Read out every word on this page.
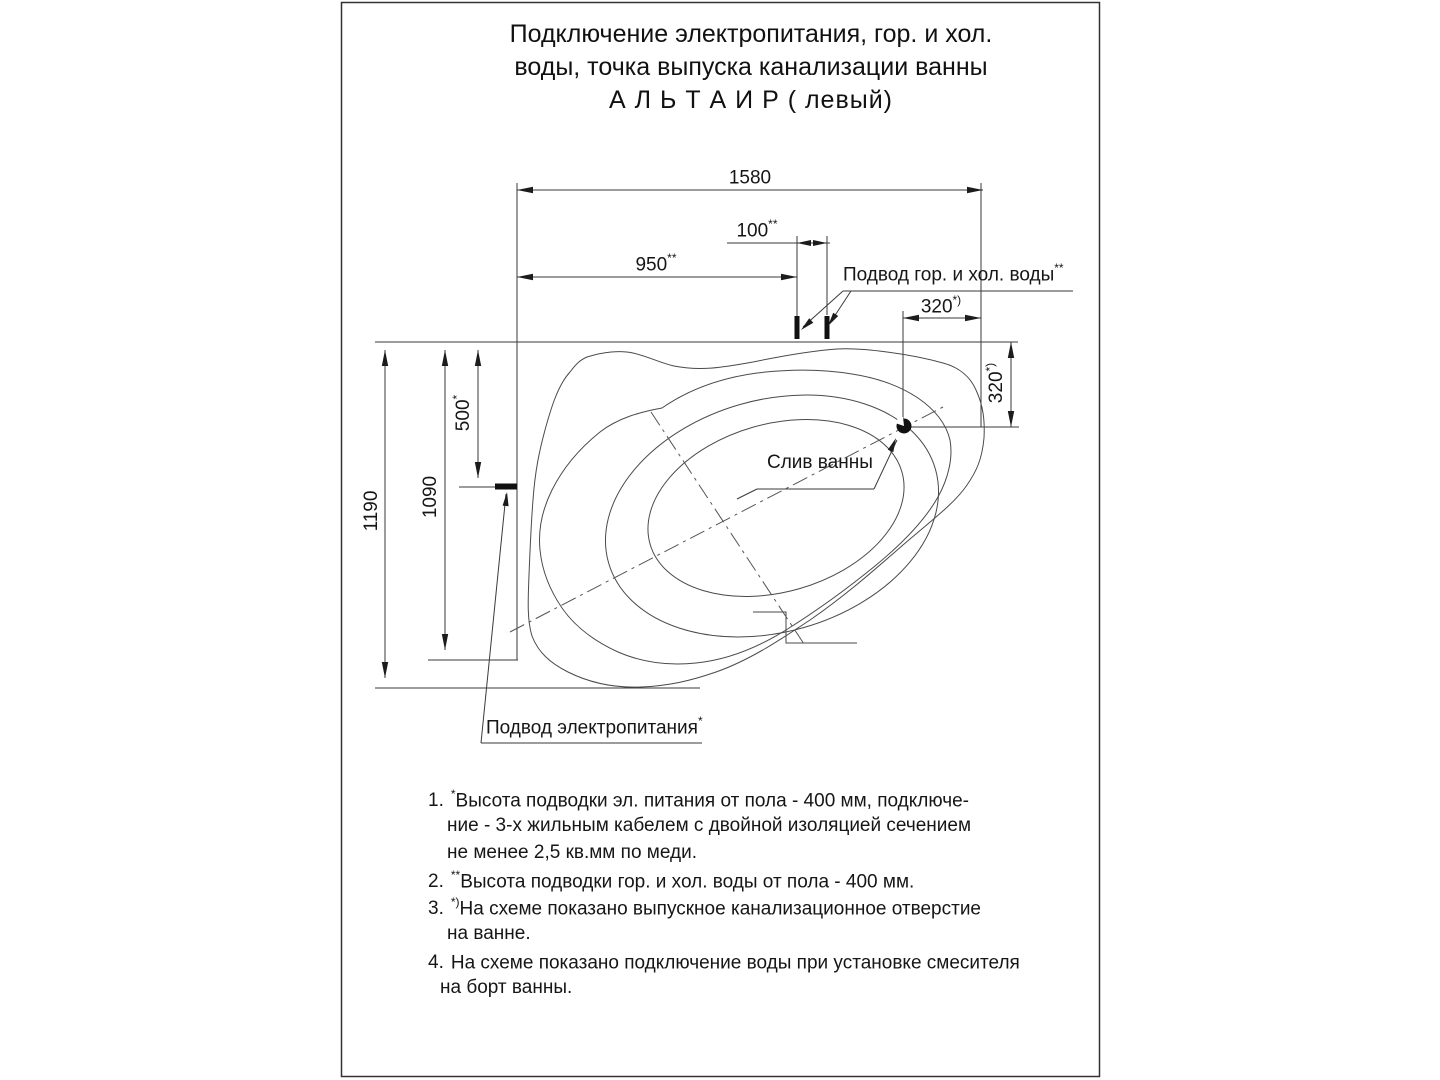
Подключение электропитания, гор. и хол.
воды, точка выпуска канализации ванны
А Л Ь Т А И Р ( левый)
1580
100**
950**
320*)
320*)
500*
1090
1190
Подвод гор. и хол. воды**
Слив ванны
Подвод электропитания*
1. *Высота подводки эл. питания от пола - 400 мм, подключе-
ние - 3-х жильным кабелем с двойной изоляцией сечением
не менее 2,5 кв.мм по меди.
2. **Высота подводки гор. и хол. воды от пола - 400 мм.
3. *)На схеме показано выпускное канализационное отверстие
на ванне.
4. На схеме показано подключение воды при установке смесителя
на борт ванны.
